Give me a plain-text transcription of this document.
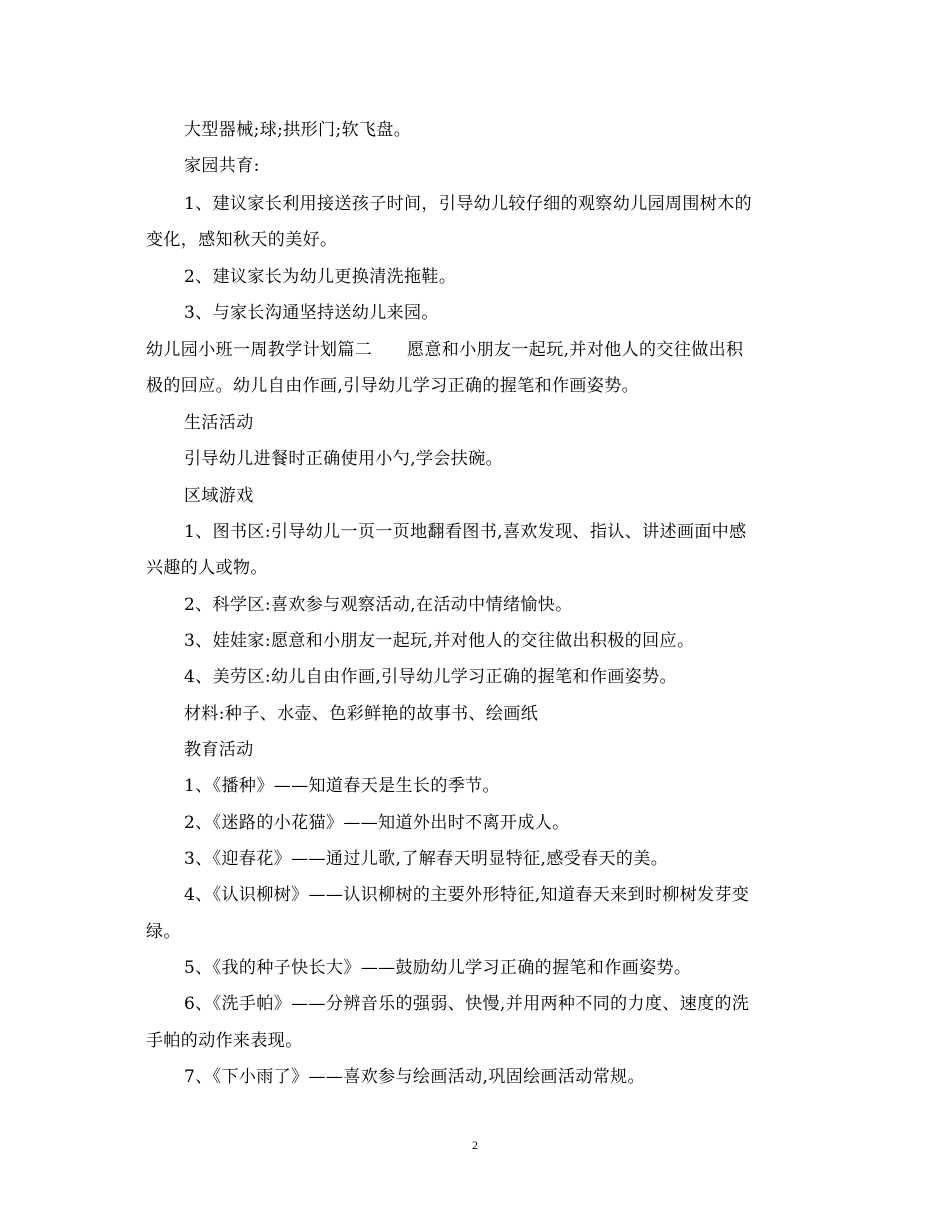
大型器械;球;拱形门;软飞盘。
家园共育:
1、建议家长利用接送孩子时间，引导幼儿较仔细的观察幼儿园周围树木的
变化，感知秋天的美好。
2、建议家长为幼儿更换清洗拖鞋。
3、与家长沟通坚持送幼儿来园。
幼儿园小班一周教学计划篇二　　愿意和小朋友一起玩,并对他人的交往做出积
极的回应。幼儿自由作画,引导幼儿学习正确的握笔和作画姿势。
生活活动
引导幼儿进餐时正确使用小勺,学会扶碗。
区域游戏
1、图书区:引导幼儿一页一页地翻看图书,喜欢发现、指认、讲述画面中感
兴趣的人或物。
2、科学区:喜欢参与观察活动,在活动中情绪愉快。
3、娃娃家:愿意和小朋友一起玩,并对他人的交往做出积极的回应。
4、美劳区:幼儿自由作画,引导幼儿学习正确的握笔和作画姿势。
材料:种子、水壶、色彩鲜艳的故事书、绘画纸
教育活动
1、《播种》——知道春天是生长的季节。
2、《迷路的小花猫》——知道外出时不离开成人。
3、《迎春花》——通过儿歌,了解春天明显特征,感受春天的美。
4、《认识柳树》——认识柳树的主要外形特征,知道春天来到时柳树发芽变
绿。
5、《我的种子快长大》——鼓励幼儿学习正确的握笔和作画姿势。
6、《洗手帕》——分辨音乐的强弱、快慢,并用两种不同的力度、速度的洗
手帕的动作来表现。
7、《下小雨了》——喜欢参与绘画活动,巩固绘画活动常规。
2
